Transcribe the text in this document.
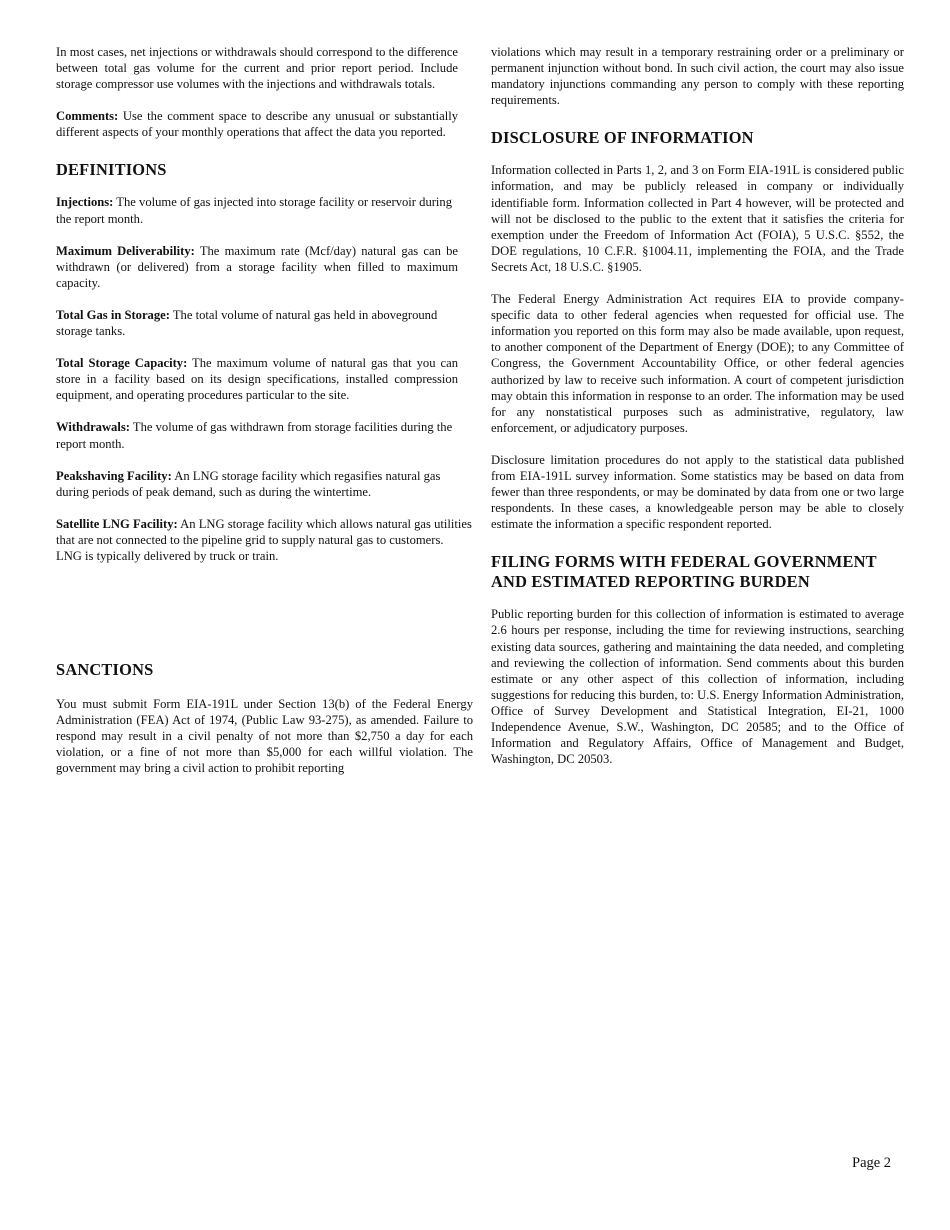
In most cases, net injections or withdrawals should correspond to the difference between total gas volume for the current and prior report period. Include storage compressor use volumes with the injections and withdrawals totals.

Comments: Use the comment space to describe any unusual or substantially different aspects of your monthly operations that affect the data you reported.

DEFINITIONS

Injections: The volume of gas injected into storage facility or reservoir during the report month.

Maximum Deliverability: The maximum rate (Mcf/day) natural gas can be withdrawn (or delivered) from a storage facility when filled to maximum capacity.

Total Gas in Storage: The total volume of natural gas held in aboveground storage tanks.

Total Storage Capacity: The maximum volume of natural gas that you can store in a facility based on its design specifications, installed compression equipment, and operating procedures particular to the site.

Withdrawals: The volume of gas withdrawn from storage facilities during the report month.

Peakshaving Facility: An LNG storage facility which regasifies natural gas during periods of peak demand, such as during the wintertime.

Satellite LNG Facility: An LNG storage facility which allows natural gas utilities that are not connected to the pipeline grid to supply natural gas to customers. LNG is typically delivered by truck or train.

SANCTIONS

You must submit Form EIA-191L under Section 13(b) of the Federal Energy Administration (FEA) Act of 1974, (Public Law 93-275), as amended. Failure to respond may result in a civil penalty of not more than $2,750 a day for each violation, or a fine of not more than $5,000 for each willful violation. The government may bring a civil action to prohibit reporting

violations which may result in a temporary restraining order or a preliminary or permanent injunction without bond. In such civil action, the court may also issue mandatory injunctions commanding any person to comply with these reporting requirements.

DISCLOSURE OF INFORMATION

Information collected in Parts 1, 2, and 3 on Form EIA-191L is considered public information, and may be publicly released in company or individually identifiable form. Information collected in Part 4 however, will be protected and will not be disclosed to the public to the extent that it satisfies the criteria for exemption under the Freedom of Information Act (FOIA), 5 U.S.C. §552, the DOE regulations, 10 C.F.R. §1004.11, implementing the FOIA, and the Trade Secrets Act, 18 U.S.C. §1905.

The Federal Energy Administration Act requires EIA to provide company-specific data to other federal agencies when requested for official use. The information you reported on this form may also be made available, upon request, to another component of the Department of Energy (DOE); to any Committee of Congress, the Government Accountability Office, or other federal agencies authorized by law to receive such information. A court of competent jurisdiction may obtain this information in response to an order. The information may be used for any nonstatistical purposes such as administrative, regulatory, law enforcement, or adjudicatory purposes.

Disclosure limitation procedures do not apply to the statistical data published from EIA-191L survey information. Some statistics may be based on data from fewer than three respondents, or may be dominated by data from one or two large respondents. In these cases, a knowledgeable person may be able to closely estimate the information a specific respondent reported.

FILING FORMS WITH FEDERAL GOVERNMENT AND ESTIMATED REPORTING BURDEN

Public reporting burden for this collection of information is estimated to average 2.6 hours per response, including the time for reviewing instructions, searching existing data sources, gathering and maintaining the data needed, and completing and reviewing the collection of information. Send comments about this burden estimate or any other aspect of this collection of information, including suggestions for reducing this burden, to: U.S. Energy Information Administration, Office of Survey Development and Statistical Integration, EI-21, 1000 Independence Avenue, S.W., Washington, DC 20585; and to the Office of Information and Regulatory Affairs, Office of Management and Budget, Washington, DC 20503.

Page 2
